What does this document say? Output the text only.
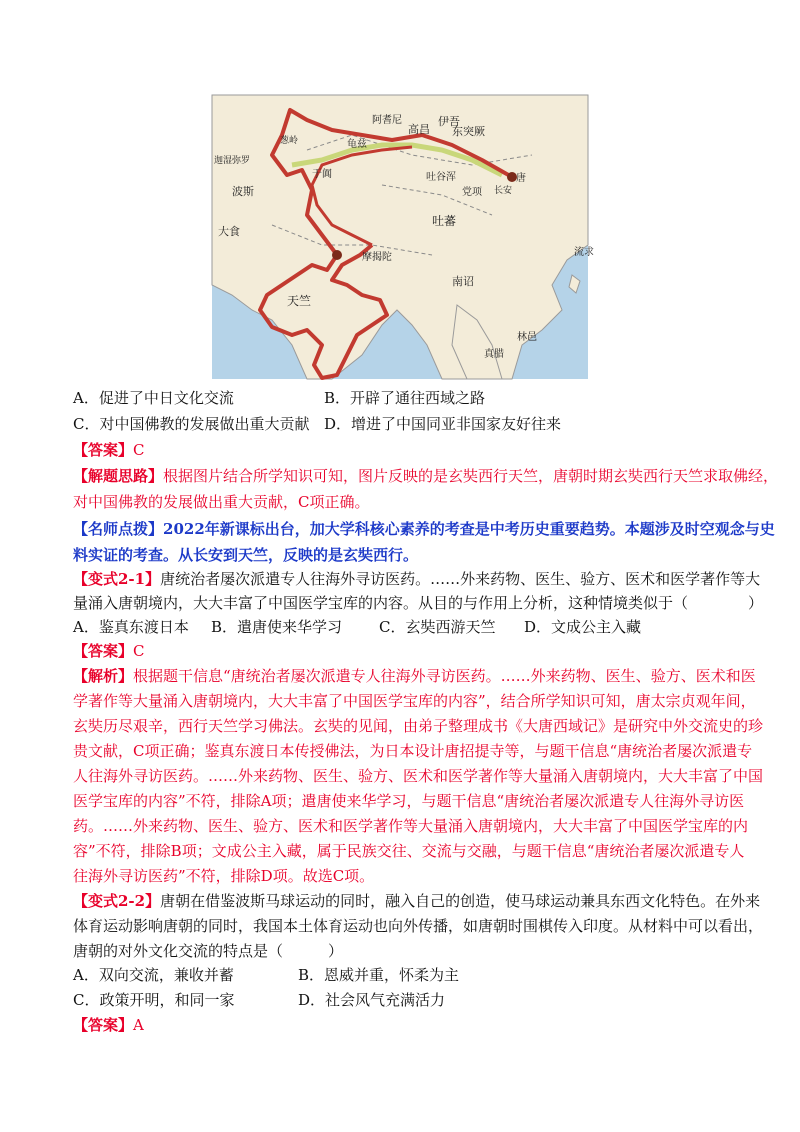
葱岭
高昌
伊吾
阿耆尼
东突厥
龟兹
于阗	吐谷浑
长安
唐
党项
吐蕃
南诏
迦湿弥罗
波斯
大食
天竺
林邑
真腊
流求
摩揭陀
A．促进了中日文化交流	B．开辟了通往西域之路
C．对中国佛教的发展做出重大贡献 D．增进了中国同亚非国家友好往来
【答案】C
【解题思路】根据图片结合所学知识可知，图片反映的是玄奘西行天竺，唐朝时期玄奘西行天竺求取佛经，
对中国佛教的发展做出重大贡献，C项正确。
【名师点拨】2022年新课标出台，加大学科核心素养的考查是中考历史重要趋势。本题涉及时空观念与史
料实证的考查。从长安到天竺，反映的是玄奘西行。
【变式2-1】唐统治者屡次派遣专人往海外寻访医药。……外来药物、医生、验方、医术和医学著作等大
量涌入唐朝境内，大大丰富了中国医学宝库的内容。从目的与作用上分析，这种情境类似于（　　　　）
A．鉴真东渡日本 B．遣唐使来华学习 C．玄奘西游天竺 D．文成公主入藏
【答案】C
【解析】根据题干信息“唐统治者屡次派遣专人往海外寻访医药。……外来药物、医生、验方、医术和医
学著作等大量涌入唐朝境内，大大丰富了中国医学宝库的内容”，结合所学知识可知，唐太宗贞观年间，
玄奘历尽艰辛，西行天竺学习佛法。玄奘的见闻，由弟子整理成书《大唐西域记》是研究中外交流史的珍
贵文献，C项正确；鉴真东渡日本传授佛法，为日本设计唐招提寺等，与题干信息“唐统治者屡次派遣专
人往海外寻访医药。……外来药物、医生、验方、医术和医学著作等大量涌入唐朝境内，大大丰富了中国
医学宝库的内容”不符，排除A项；遣唐使来华学习，与题干信息“唐统治者屡次派遣专人往海外寻访医
药。……外来药物、医生、验方、医术和医学著作等大量涌入唐朝境内，大大丰富了中国医学宝库的内
容”不符，排除B项；文成公主入藏，属于民族交往、交流与交融，与题干信息“唐统治者屡次派遣专人
往海外寻访医药”不符，排除D项。故选C项。
【变式2-2】唐朝在借鉴波斯马球运动的同时，融入自己的创造，使马球运动兼具东西文化特色。在外来
体育运动影响唐朝的同时，我国本土体育运动也向外传播，如唐朝时围棋传入印度。从材料中可以看出，
唐朝的对外文化交流的特点是（　　　）
A．双向交流，兼收并蓄	B．恩威并重，怀柔为主
C．政策开明，和同一家	D．社会风气充满活力
【答案】A
